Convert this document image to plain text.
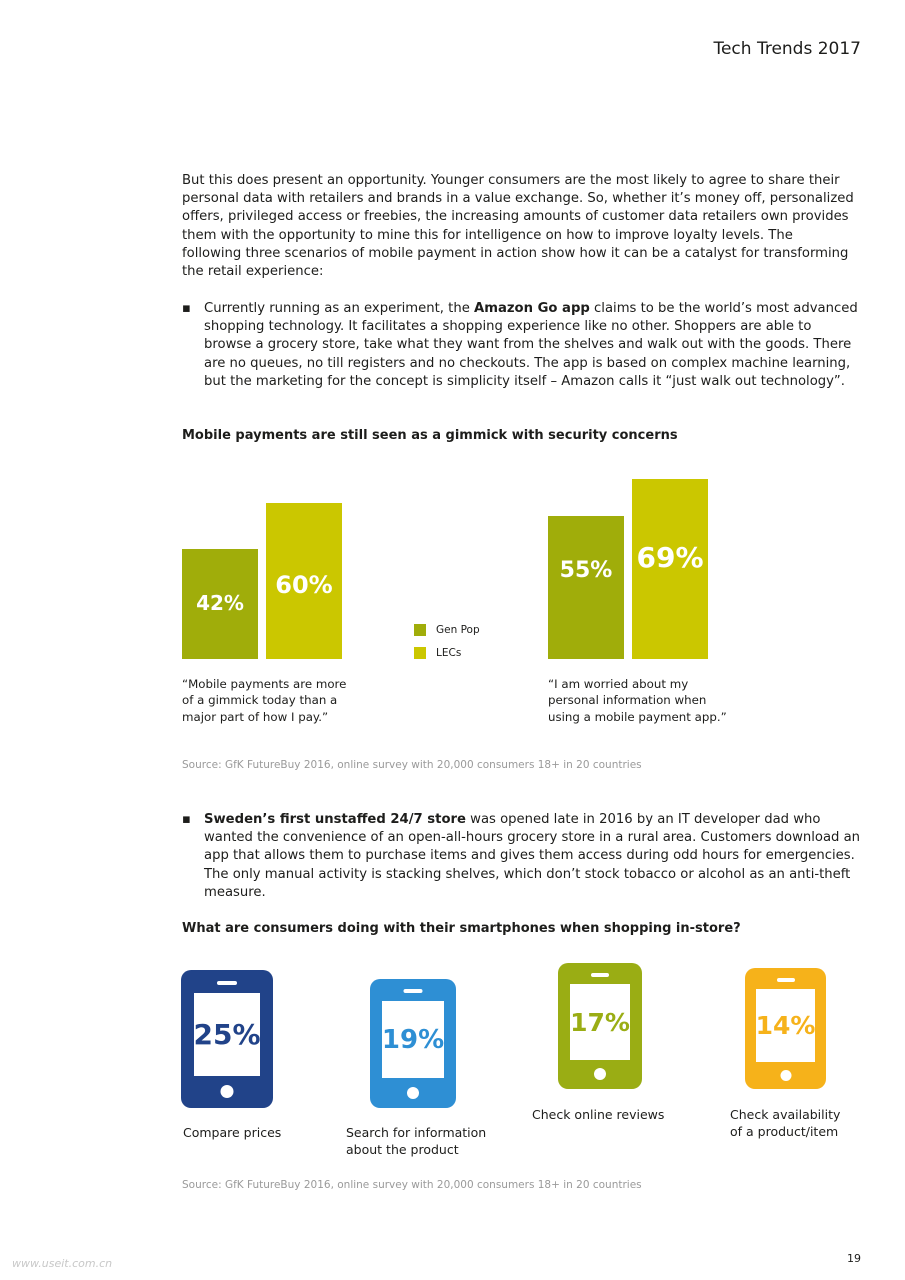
Tech Trends 2017

But this does present an opportunity. Younger consumers are the most likely to agree to share their personal data with retailers and brands in a value exchange. So, whether it’s money off, personalized offers, privileged access or freebies, the increasing amounts of customer data retailers own provides them with the opportunity to mine this for intelligence on how to improve loyalty levels. The following three scenarios of mobile payment in action show how it can be a catalyst for transforming the retail experience:

▪ Currently running as an experiment, the Amazon Go app claims to be the world’s most advanced shopping technology. It facilitates a shopping experience like no other. Shoppers are able to browse a grocery store, take what they want from the shelves and walk out with the goods. There are no queues, no till registers and no checkouts. The app is based on complex machine learning, but the marketing for the concept is simplicity itself – Amazon calls it “just walk out technology”.
Mobile payments are still seen as a gimmick with security concerns
42%
55%
60%
69%
Gen Pop
LECs
“Mobile payments are more
of a gimmick today than a
major part of how I pay.”
“I am worried about my
personal information when
using a mobile payment app.”
Source: GfK FutureBuy 2016, online survey with 20,000 consumers 18+ in 20 countries
▪ Sweden’s first unstaffed 24/7 store was opened late in 2016 by an IT developer dad who wanted the convenience of an open-all-hours grocery store in a rural area. Customers download an app that allows them to purchase items and gives them access during odd hours for emergencies. The only manual activity is stacking shelves, which don’t stock tobacco or alcohol as an anti-theft measure.
What are consumers doing with their smartphones when shopping in-store?
25%	19%
17%	14%
Compare prices	Search for information
about the product
Check online reviews	Check availability
of a product/item
Source: GfK FutureBuy 2016, online survey with 20,000 consumers 18+ in 20 countries
www.useit.com.cn	19
